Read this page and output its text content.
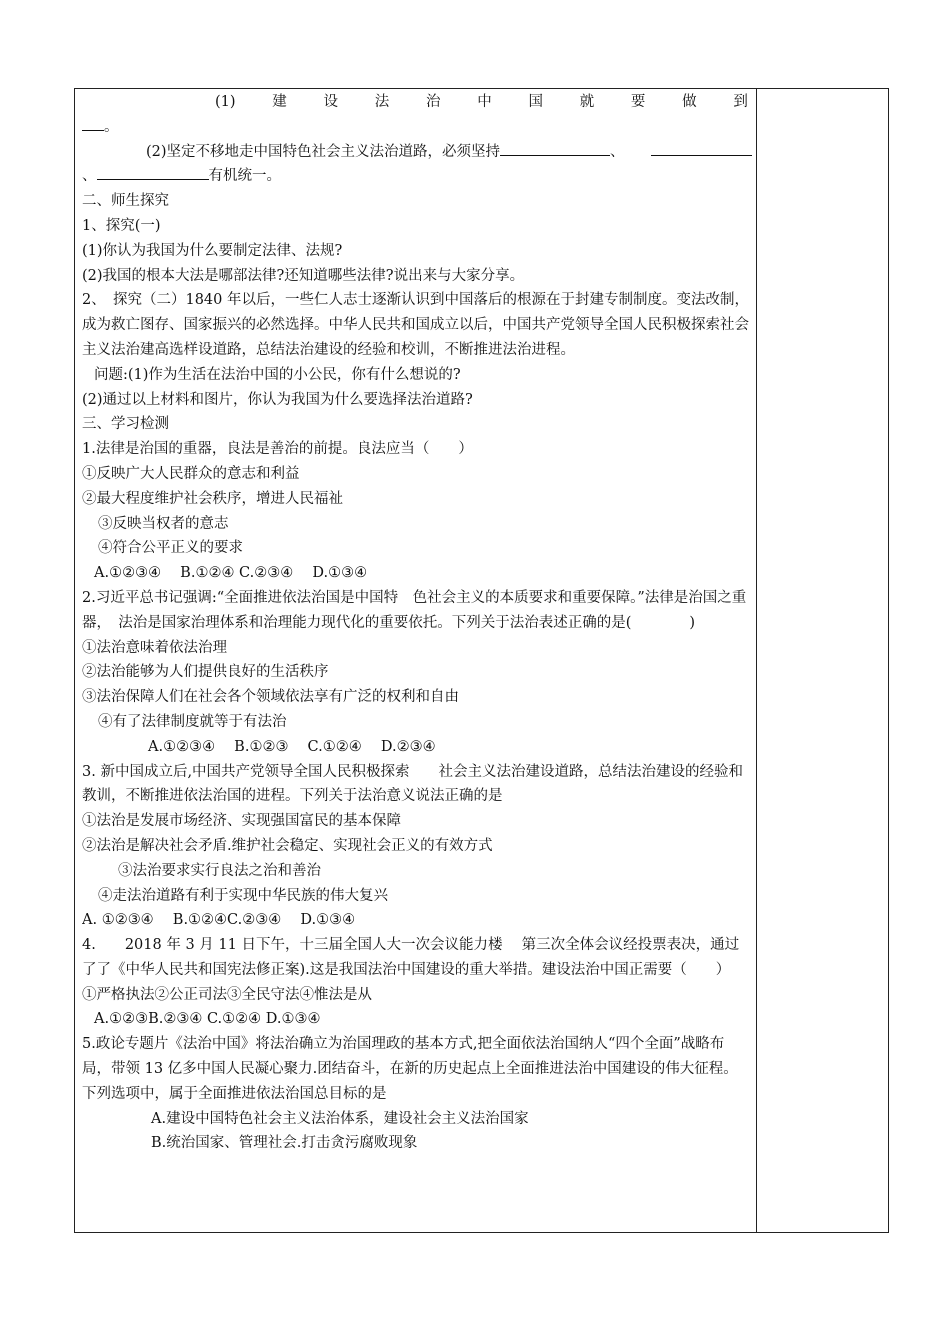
(1)	建	设	法	治	中	国	就	要	做	到
。
(2)坚定不移地走中国特色社会主义法治道路，必须坚持	、
、	有机统一。
二、师生探究
1、探究(一)
(1)你认为我国为什么要制定法律、法规?
(2)我国的根本大法是哪部法律?还知道哪些法律?说出来与大家分享。
2、　探究（二）1840 年以后，一些仁人志士逐渐认识到中国落后的根源在于封建专制制度。变法改制，成为救亡图存、国家振兴的必然选择。中华人民共和国成立以后，中国共产党领导全国人民积极探索社会主义法治建高选样设道路，总结法治建设的经验和校训，不断推进法治进程。
问题:(1)作为生活在法治中国的小公民，你有什么想说的?
(2)通过以上材料和图片，你认为我国为什么要选择法治道路?
三、学习检测
1.法律是治国的重器，良法是善治的前提。良法应当（　　）
①反映广大人民群众的意志和利益
②最大程度维护社会秩序，增进人民福祉
③反映当权者的意志
④符合公平正义的要求
A.①②③④　 B.①②④ C.②③④　 D.①③④
2.习近平总书记强调:“全面推进依法治国是中国特　色社会主义的本质要求和重要保障。”法律是治国之重器，　法治是国家治理体系和治理能力现代化的重要依托。下列关于法治表述正确的是(　　　　)
①法治意味着依法治理
②法治能够为人们提供良好的生活秩序
③法治保障人们在社会各个领域依法享有广泛的权利和自由
④有了法律制度就等于有法治
A.①②③④　 B.①②③　 C.①②④　 D.②③④
3. 新中国成立后,中国共产党领导全国人民积极探索　　社会主义法治建设道路，总结法治建设的经验和教训，不断推进依法治国的进程。下列关于法治意义说法正确的是
①法治是发展市场经济、实现强国富民的基本保障
②法治是解决社会矛盾.维护社会稳定、实现社会正义的有效方式
③法治要求实行良法之治和善治
④走法治道路有利于实现中华民族的伟大复兴
A. ①②③④　 B.①②④C.②③④　 D.①③④
4.　　2018 年 3 月 11 日下午，十三届全国人大一次会议能力楼　 第三次全体会议经投票表决，通过了了《中华人民共和国宪法修正案).这是我国法治中国建设的重大举措。建设法治中国正需要（　　）
①严格执法②公正司法③全民守法④惟法是从
A.①②③B.②③④ C.①②④ D.①③④
5.政论专题片《法治中国》将法治确立为治国理政的基本方式,把全面依法治国纳人“四个全面”战略布局，带领 13 亿多中国人民凝心聚力.团结奋斗，在新的历史起点上全面推进法治中国建设的伟大征程。下列选项中，属于全面推进依法治国总目标的是
A.建设中国特色社会主义法治体系，建设社会主义法治国家
B.统治国家、管理社会.打击贪污腐败现象
